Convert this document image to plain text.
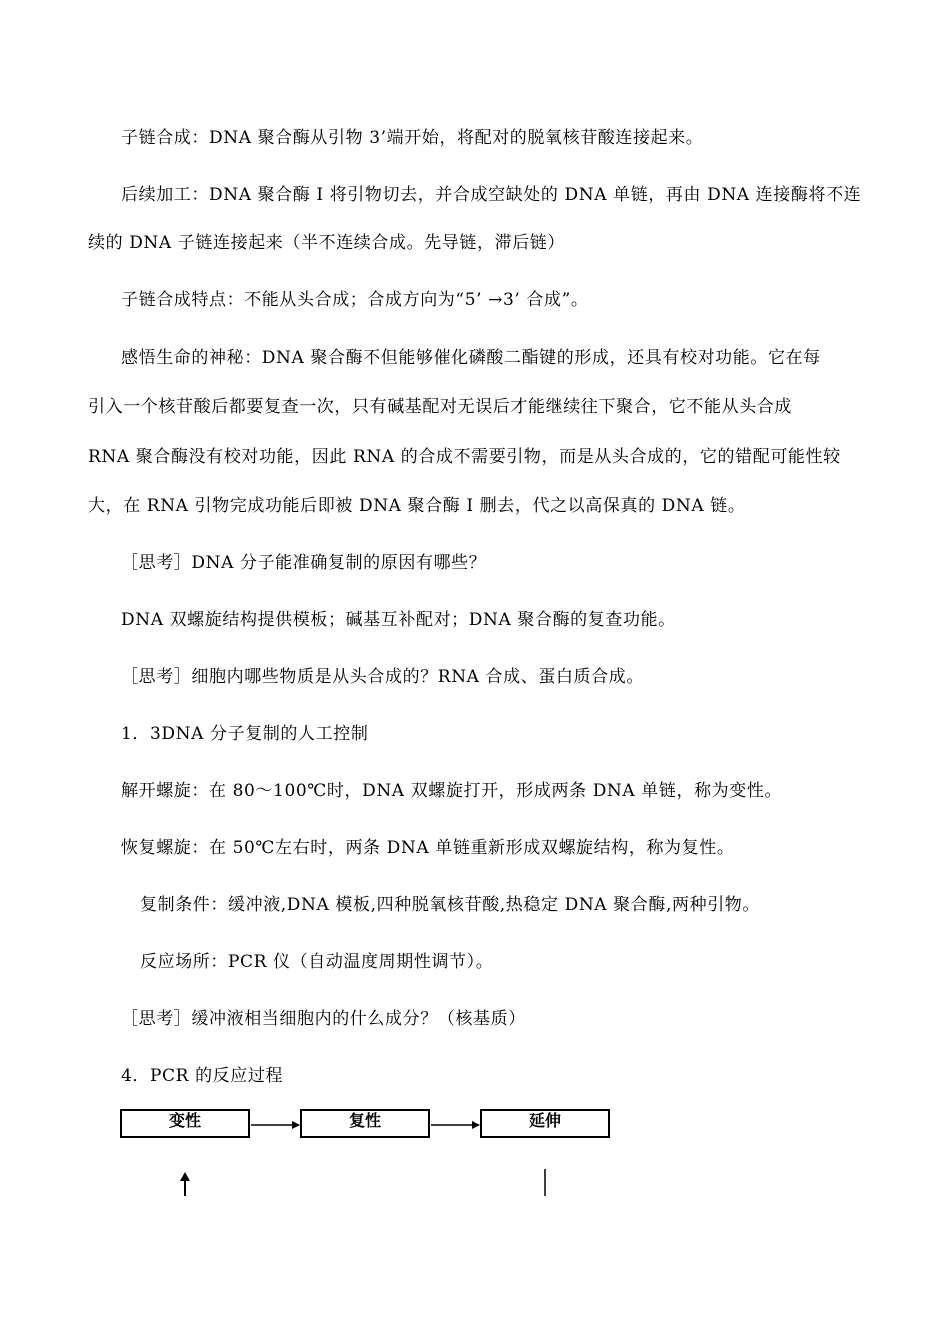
子链合成：DNA 聚合酶从引物 3’端开始，将配对的脱氧核苷酸连接起来。
后续加工：DNA 聚合酶 I 将引物切去，并合成空缺处的 DNA 单链，再由 DNA 连接酶将不连
续的 DNA 子链连接起来（半不连续合成。先导链，滞后链）
子链合成特点：不能从头合成；合成方向为“5’ →3’ 合成”。
感悟生命的神秘：DNA 聚合酶不但能够催化磷酸二酯键的形成，还具有校对功能。它在每
引入一个核苷酸后都要复查一次，只有碱基配对无误后才能继续往下聚合，它不能从头合成
RNA 聚合酶没有校对功能，因此 RNA 的合成不需要引物，而是从头合成的，它的错配可能性较
大，在 RNA 引物完成功能后即被 DNA 聚合酶 I 删去，代之以高保真的 DNA 链。
［思考］DNA 分子能准确复制的原因有哪些？
DNA 双螺旋结构提供模板；碱基互补配对；DNA 聚合酶的复查功能。
［思考］细胞内哪些物质是从头合成的？RNA 合成、蛋白质合成。
1．3DNA 分子复制的人工控制
解开螺旋：在 80～100℃时，DNA 双螺旋打开，形成两条 DNA 单链，称为变性。
恢复螺旋：在 50℃左右时，两条 DNA 单链重新形成双螺旋结构，称为复性。
复制条件：缓冲液,DNA 模板,四种脱氧核苷酸,热稳定 DNA 聚合酶,两种引物。
反应场所：PCR 仪（自动温度周期性调节）。
［思考］缓冲液相当细胞内的什么成分？（核基质）
4．PCR 的反应过程
变性	复性	延伸
